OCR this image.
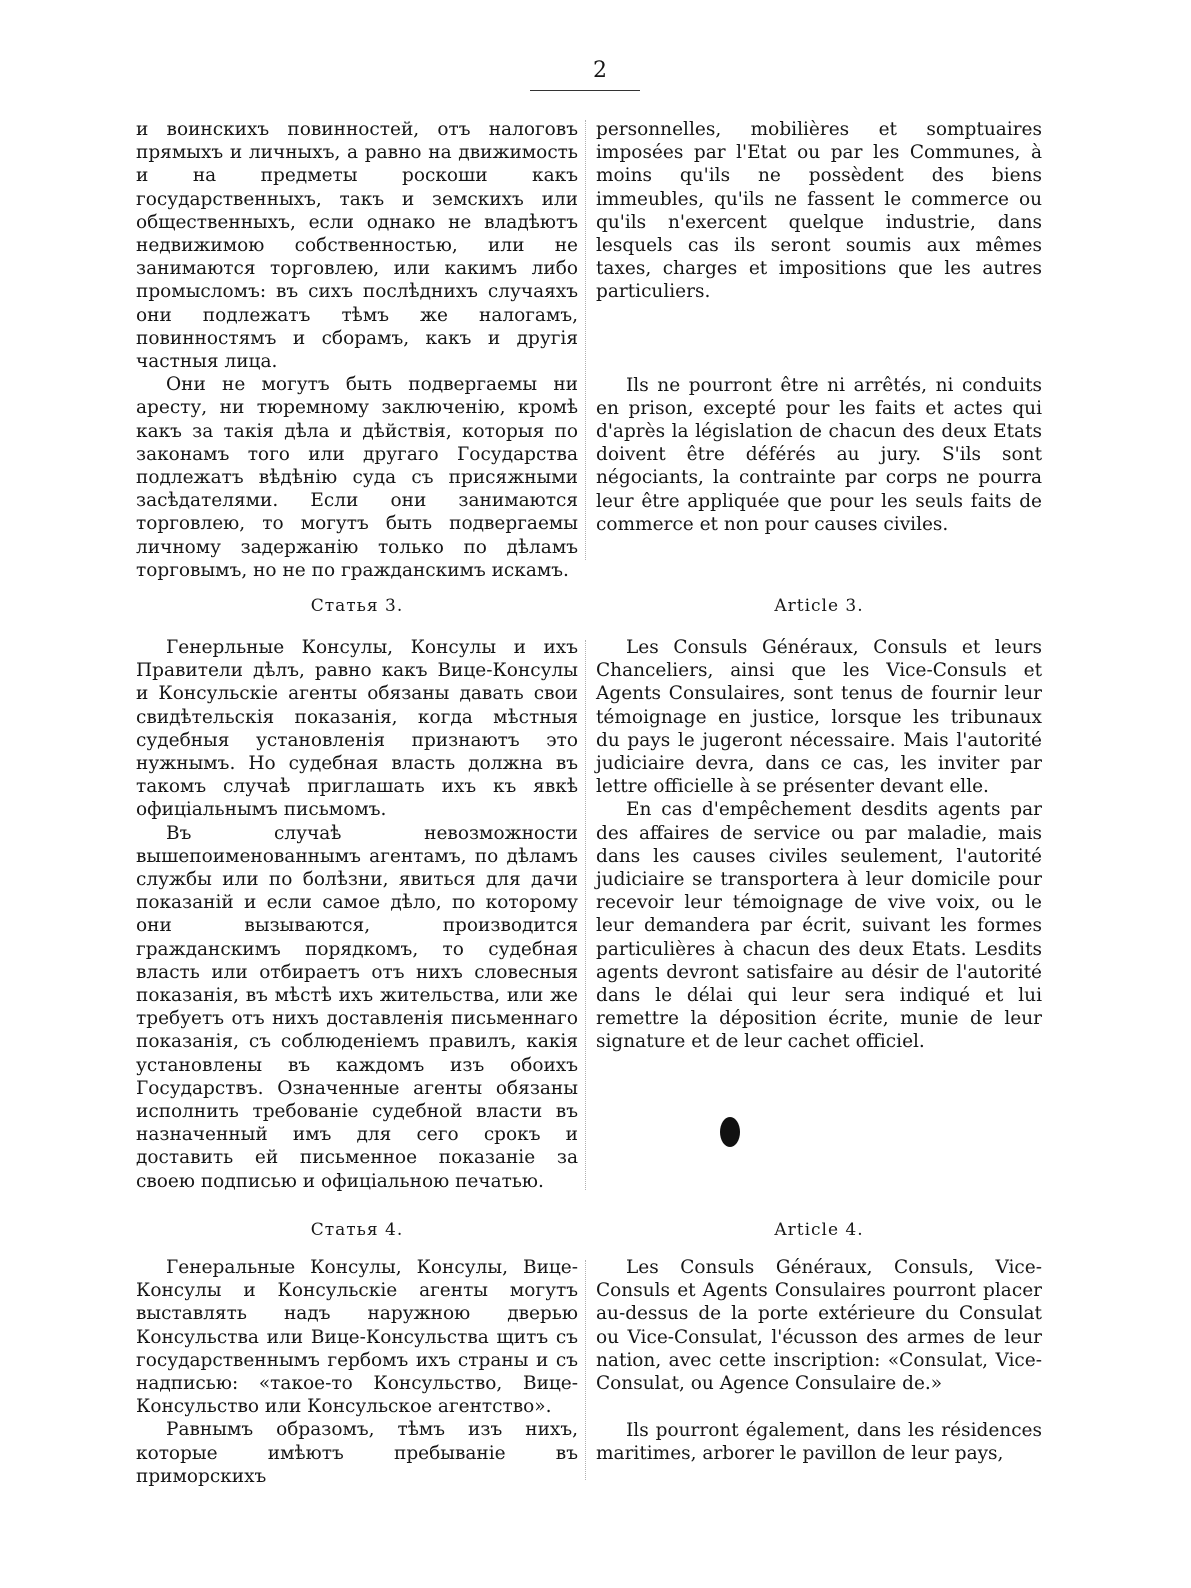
2

и воинскихъ повинностей, отъ налоговъ прямыхъ и личныхъ, а равно на движимость и на предметы роскоши какъ государственныхъ, такъ и земскихъ или общественныхъ, если однако не владѣютъ недвижимою собственностью, или не занимаются торговлею, или какимъ либо промысломъ: въ сихъ послѣднихъ случаяхъ они подлежатъ тѣмъ же налогамъ, повинностямъ и сборамъ, какъ и другія частныя лица.

Они не могутъ быть подвергаемы ни аресту, ни тюремному заключенію, кромѣ какъ за такія дѣла и дѣйствія, которыя по законамъ того или другаго Государства подлежатъ вѣдѣнію суда съ присяжными засѣдателями. Если они занимаются торговлею, то могутъ быть подвергаемы личному задержанію только по дѣламъ торговымъ, но не по гражданскимъ искамъ.

personnelles, mobilières et somptuaires imposées par l'Etat ou par les Communes, à moins qu'ils ne possèdent des biens immeubles, qu'ils ne fassent le commerce ou qu'ils n'exercent quelque industrie, dans lesquels cas ils seront soumis aux mêmes taxes, charges et impositions que les autres particuliers.

Ils ne pourront être ni arrêtés, ni conduits en prison, excepté pour les faits et actes qui d'après la législation de chacun des deux Etats doivent être déférés au jury. S'ils sont négociants, la contrainte par corps ne pourra leur être appliquée que pour les seuls faits de commerce et non pour causes civiles.

Статья 3.	Article 3.

Генерльные Консулы, Консулы и ихъ Правители дѣлъ, равно какъ Вице-Консулы и Консульскіе агенты обязаны давать свои свидѣтельскія показанія, когда мѣстныя судебныя установленія признаютъ это нужнымъ. Но судебная власть должна въ такомъ случаѣ приглашать ихъ къ явкѣ офиціальнымъ письмомъ.

Въ случаѣ невозможности вышепоименованнымъ агентамъ, по дѣламъ службы или по болѣзни, явиться для дачи показаній и если самое дѣло, по которому они вызываются, производится гражданскимъ порядкомъ, то судебная власть или отбираетъ отъ нихъ словесныя показанія, въ мѣстѣ ихъ жительства, или же требуетъ отъ нихъ доставленія письменнаго показанія, съ соблюденіемъ правилъ, какія установлены въ каждомъ изъ обоихъ Государствъ. Означенные агенты обязаны исполнить требованіе судебной власти въ назначенный имъ для сего срокъ и доставить ей письменное показаніе за своею подписью и офиціальною печатью.

Les Consuls Généraux, Consuls et leurs Chanceliers, ainsi que les Vice-Consuls et Agents Consulaires, sont tenus de fournir leur témoignage en justice, lorsque les tribunaux du pays le jugeront nécessaire. Mais l'autorité judiciaire devra, dans ce cas, les inviter par lettre officielle à se présenter devant elle.

En cas d'empêchement desdits agents par des affaires de service ou par maladie, mais dans les causes civiles seulement, l'autorité judiciaire se transportera à leur domicile pour recevoir leur témoignage de vive voix, ou le leur demandera par écrit, suivant les formes particulières à chacun des deux Etats. Lesdits agents devront satisfaire au désir de l'autorité dans le délai qui leur sera indiqué et lui remettre la déposition écrite, munie de leur signature et de leur cachet officiel.

Статья 4.	Article 4.

Генеральные Консулы, Консулы, Вице-Консулы и Консульскіе агенты могутъ выставлять надъ наружною дверью Консульства или Вице-Консульства щитъ съ государственнымъ гербомъ ихъ страны и съ надписью: «такое-то Консульство, Вице-Консульство или Консульское агентство».

Равнымъ образомъ, тѣмъ изъ нихъ, которые имѣютъ пребываніе въ приморскихъ

Les Consuls Généraux, Consuls, Vice-Consuls et Agents Consulaires pourront placer au-dessus de la porte extérieure du Consulat ou Vice-Consulat, l'écusson des armes de leur nation, avec cette inscription: «Consulat, Vice-Consulat, ou Agence Consulaire de.»

Ils pourront également, dans les résidences maritimes, arborer le pavillon de leur pays,
